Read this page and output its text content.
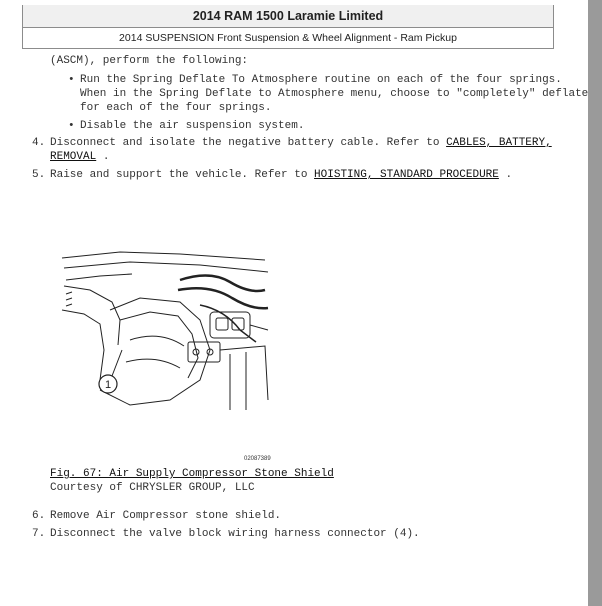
2014 RAM 1500 Laramie Limited
2014 SUSPENSION Front Suspension & Wheel Alignment - Ram Pickup
(ASCM), perform the following:
• Run the Spring Deflate To Atmosphere routine on each of the four springs.
When in the Spring Deflate to Atmosphere menu, choose to "completely" deflate
for each of the four springs.
• Disable the air suspension system.
4. Disconnect and isolate the negative battery cable. Refer to CABLES, BATTERY,
REMOVAL .
5. Raise and support the vehicle. Refer to HOISTING, STANDARD PROCEDURE .
Fig. 67: Air Supply Compressor Stone Shield
Courtesy of CHRYSLER GROUP, LLC
6. Remove Air Compressor stone shield.
7. Disconnect the valve block wiring harness connector (4).
1
02087389
